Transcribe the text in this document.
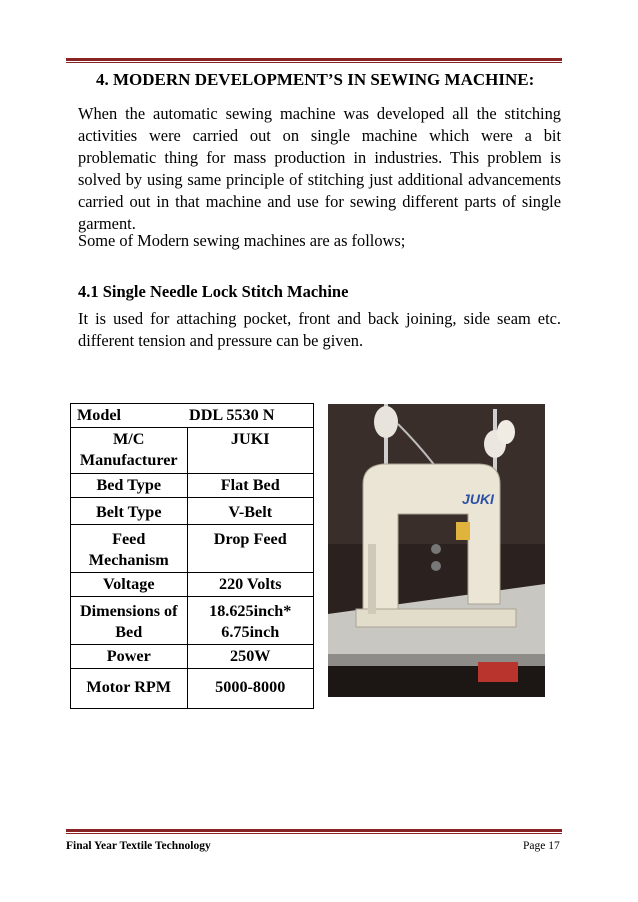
4. MODERN DEVELOPMENT’S IN SEWING MACHINE:

When the automatic sewing machine was developed all the stitching activities were carried out on single machine which were a bit problematic thing for mass production in industries. This problem is solved by using same principle of stitching just additional advancements carried out in that machine and use for sewing different parts of single garment.

Some of Modern sewing machines are as follows;

4.1 Single Needle Lock Stitch Machine

It is used for attaching pocket, front and back joining, side seam etc. different tension and pressure can be given.

Model	DDL 5530 N
M/C Manufacturer	JUKI
Bed Type	Flat Bed
Belt Type	V-Belt
Feed Mechanism	Drop Feed
Voltage	220 Volts
Dimensions of Bed	18.625inch* 6.75inch
Power	250W
Motor RPM	5000-8000
JUKI
Final Year Textile Technology	Page 17
